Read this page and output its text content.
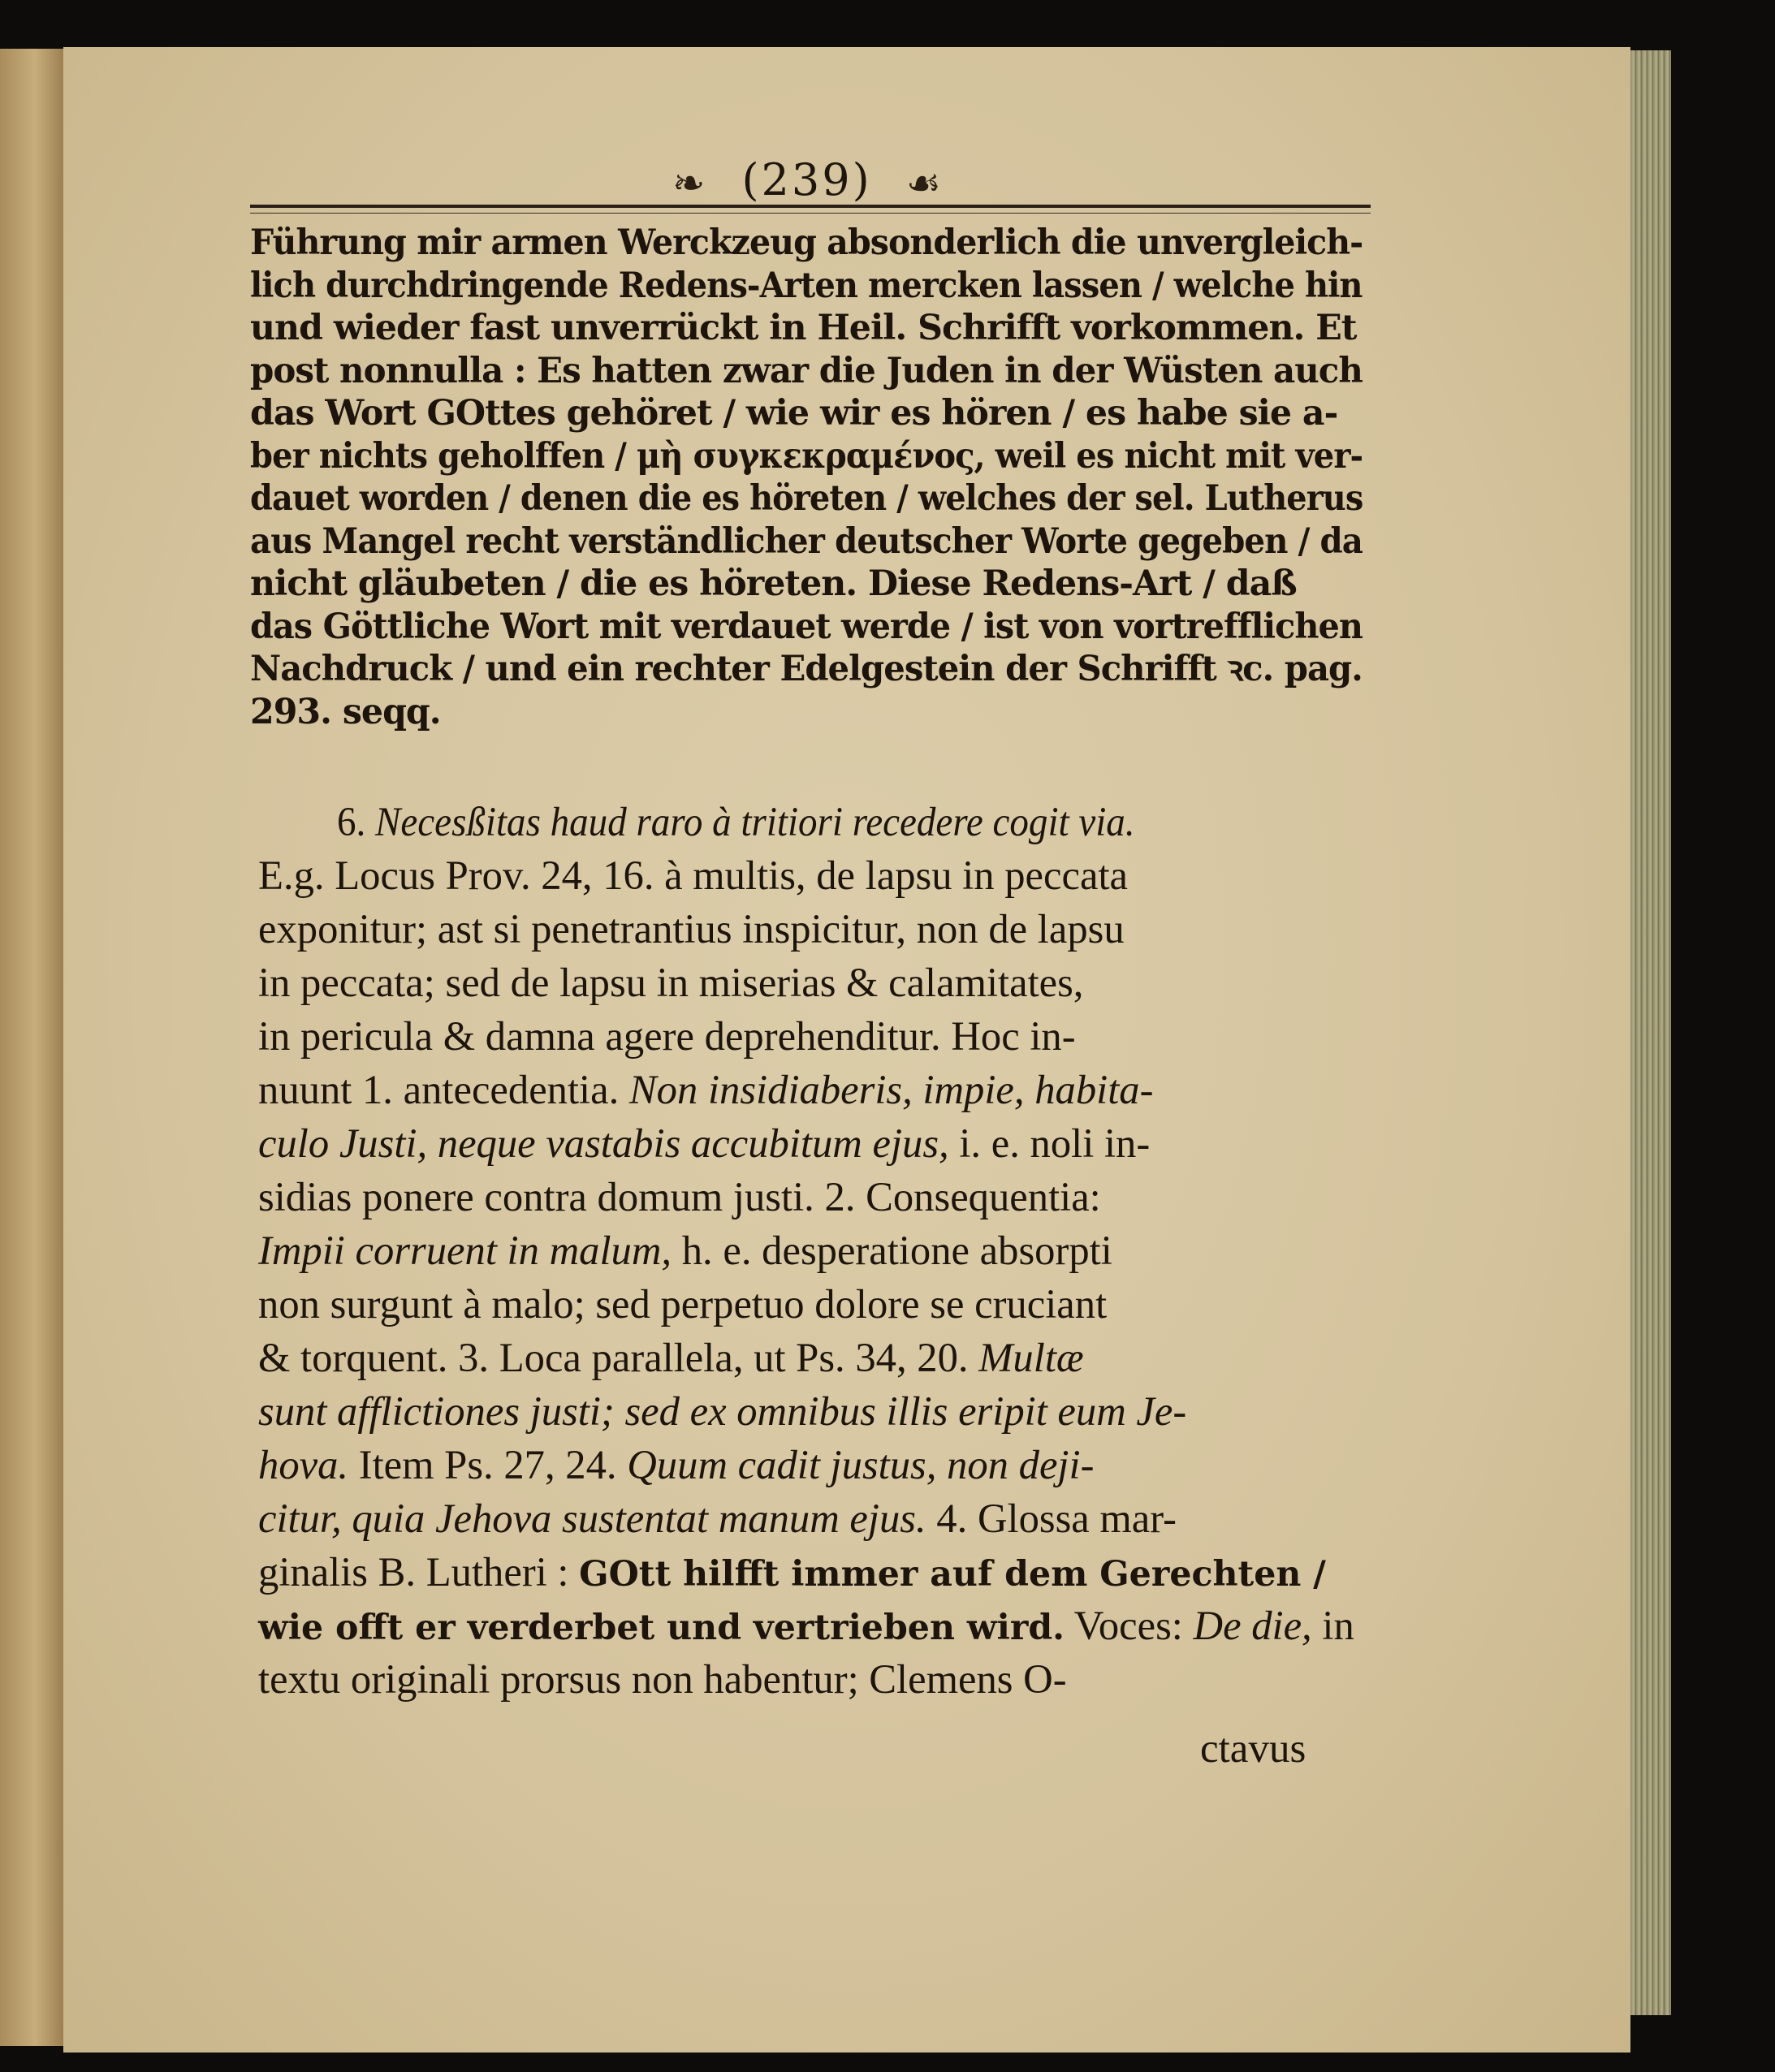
❧ (239) ☙
Führung mir armen Werckzeug absonderlich die unvergleich-
lich durchdringende Redens-Arten mercken lassen / welche hin
und wieder fast unverrückt in Heil. Schrifft vorkommen. Et
post nonnulla : Es hatten zwar die Juden in der Wüsten auch
das Wort GOttes gehöret / wie wir es hören / es habe sie a-
ber nichts geholffen / μὴ συγκεκραμένος, weil es nicht mit ver-
dauet worden / denen die es höreten / welches der sel. Lutherus
aus Mangel recht verständlicher deutscher Worte gegeben / da
nicht gläubeten / die es höreten. Diese Redens-Art / daß
das Göttliche Wort mit verdauet werde / ist von vortrefflichen
Nachdruck / und ein rechter Edelgestein der Schrifft ꝛc. pag.
293. seqq.
6. Necesßitas haud raro à tritiori recedere cogit via.
E.g. Locus Prov. 24, 16. à multis, de lapsu in peccata
exponitur; ast si penetrantius inspicitur, non de lapsu
in peccata; sed de lapsu in miserias & calamitates,
in pericula & damna agere deprehenditur. Hoc in-
nuunt 1. antecedentia. Non insidiaberis, impie, habita-
culo Justi, neque vastabis accubitum ejus, i. e. noli in-
sidias ponere contra domum justi. 2. Consequentia:
Impii corruent in malum, h. e. desperatione absorpti
non surgunt à malo; sed perpetuo dolore se cruciant
& torquent. 3. Loca parallela, ut Ps. 34, 20. Multæ
sunt afflictiones justi; sed ex omnibus illis eripit eum Je-
hova. Item Ps. 27, 24. Quum cadit justus, non deji-
citur, quia Jehova sustentat manum ejus. 4. Glossa mar-
ginalis B. Lutheri : GOtt hilfft immer auf dem Gerechten /
wie offt er verderbet und vertrieben wird. Voces: De die, in
textu originali prorsus non habentur; Clemens O-
ctavus
